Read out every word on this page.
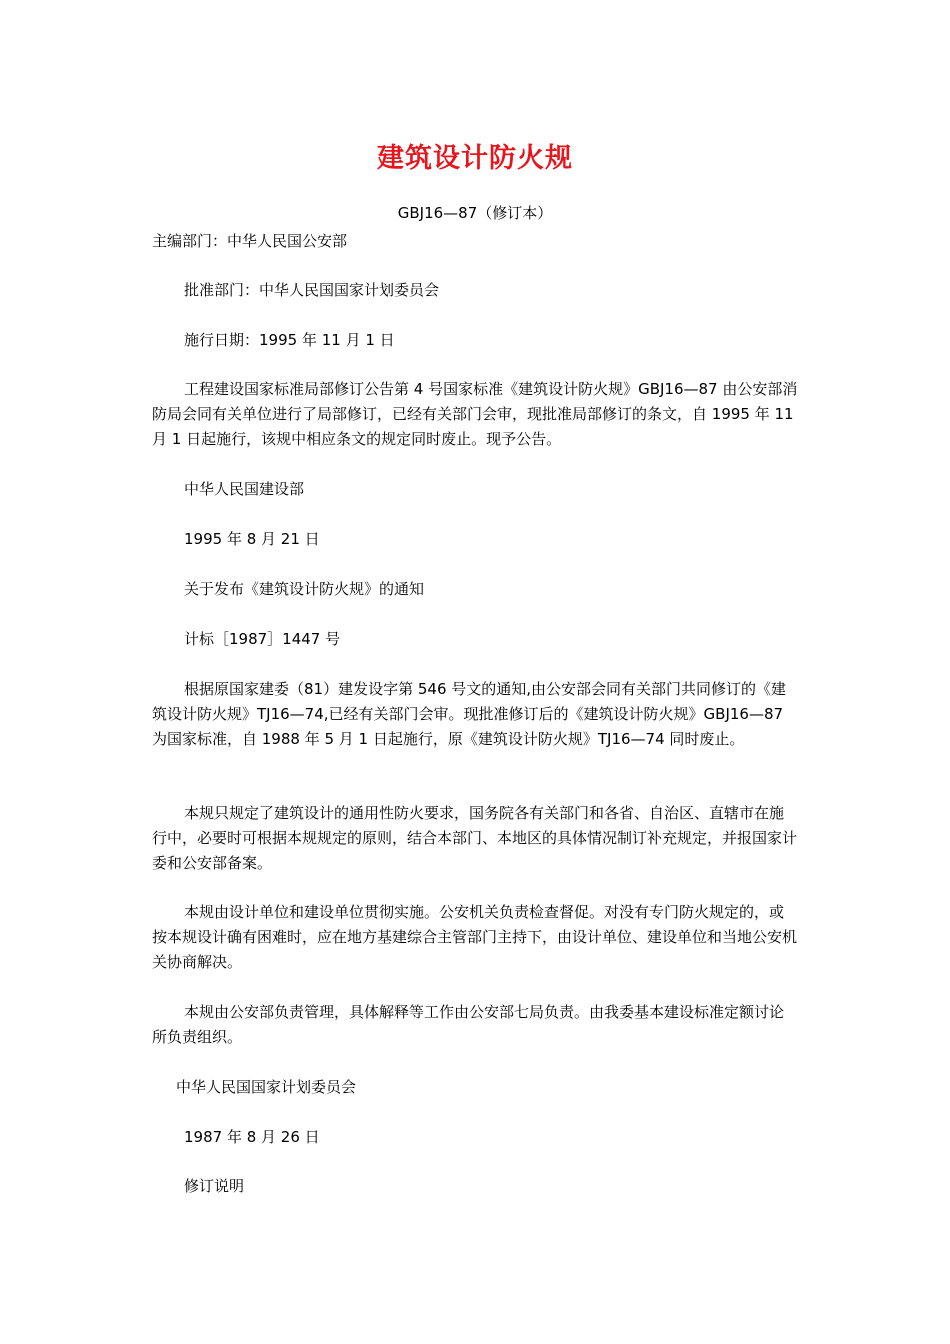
建筑设计防火规
GBJ16—87（修订本）
主编部门：中华人民国公安部
批准部门：中华人民国国家计划委员会
施行日期：1995 年 11 月 1 日
工程建设国家标准局部修订公告第 4 号国家标准《建筑设计防火规》GBJ16—87 由公安部消防局会同有关单位进行了局部修订，已经有关部门会审，现批准局部修订的条文，自 1995 年 11 月 1 日起施行，该规中相应条文的规定同时废止。现予公告。
中华人民国建设部
1995 年 8 月 21 日
关于发布《建筑设计防火规》的通知
计标［1987］1447 号
根据原国家建委（81）建发设字第 546 号文的通知,由公安部会同有关部门共同修订的《建筑设计防火规》TJ16—74,已经有关部门会审。现批准修订后的《建筑设计防火规》GBJ16—87 为国家标准，自 1988 年 5 月 1 日起施行，原《建筑设计防火规》TJ16—74 同时废止。
本规只规定了建筑设计的通用性防火要求，国务院各有关部门和各省、自治区、直辖市在施行中，必要时可根据本规规定的原则，结合本部门、本地区的具体情况制订补充规定，并报国家计委和公安部备案。
本规由设计单位和建设单位贯彻实施。公安机关负责检查督促。对没有专门防火规定的，或按本规设计确有困难时，应在地方基建综合主管部门主持下，由设计单位、建设单位和当地公安机关协商解决。
本规由公安部负责管理，具体解释等工作由公安部七局负责。由我委基本建设标准定额讨论所负责组织。
中华人民国国家计划委员会
1987 年 8 月 26 日
修订说明
